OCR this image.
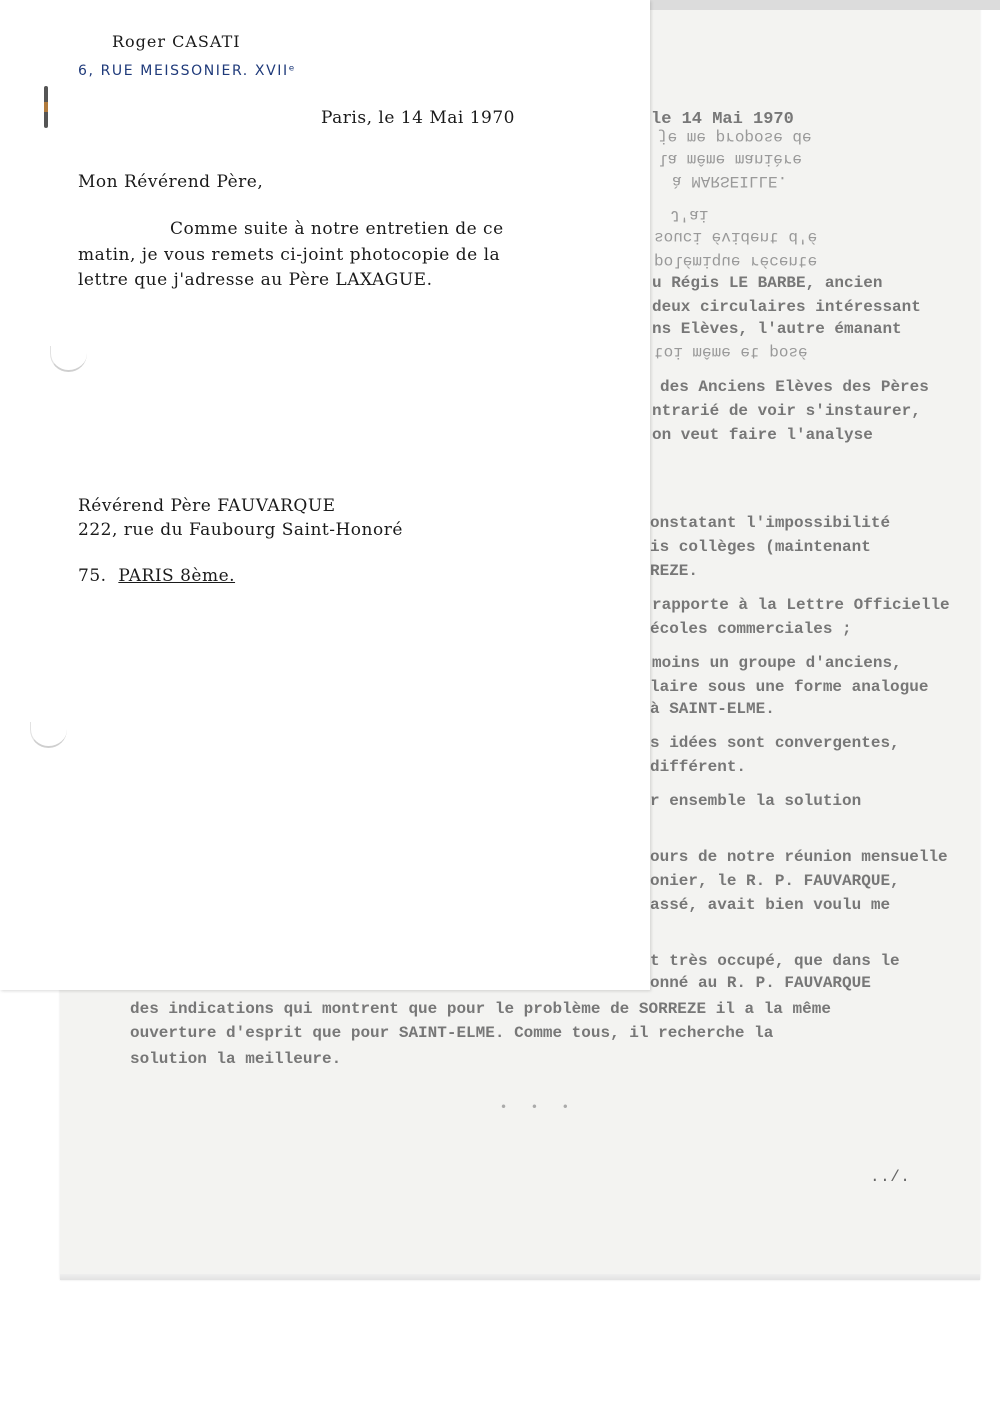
le 14 Mai 1970
je me propose de
la même manière
à MARSEILLE.
J'ai
souci évident d'é
polémique récente
toi même et posé
u Régis LE BARBE, ancien
deux circulaires intéressant
ns Elèves, l'autre émanant
des Anciens Elèves des Pères
ntrarié de voir s'instaurer,
on veut faire l'analyse
onstatant l'impossibilité
is collèges (maintenant
REZE.
rapporte à la Lettre Officielle
écoles commerciales ;
moins un groupe d'anciens,
laire sous une forme analogue
à SAINT-ELME.
s idées sont convergentes,
différent.
r ensemble la solution
ours de notre réunion mensuelle
onier, le R. P. FAUVARQUE,
assé, avait bien voulu me
t très occupé, que dans le
onné au R. P. FAUVARQUE
des indications qui montrent que pour le problème de SORREZE il a la même
ouverture d'esprit que pour SAINT-ELME. Comme tous, il recherche la
solution la meilleure.
• • •
../.
Roger CASATI
6, RUE MEISSONIER. XVIIᵉ
Paris, le 14 Mai 1970
Mon Révérend Père,
Comme suite à notre entretien de ce
matin, je vous remets ci-joint photocopie de la
lettre que j'adresse au Père LAXAGUE.
Révérend Père FAUVARQUE
222, rue du Faubourg Saint-Honoré
75. PARIS 8ème.
